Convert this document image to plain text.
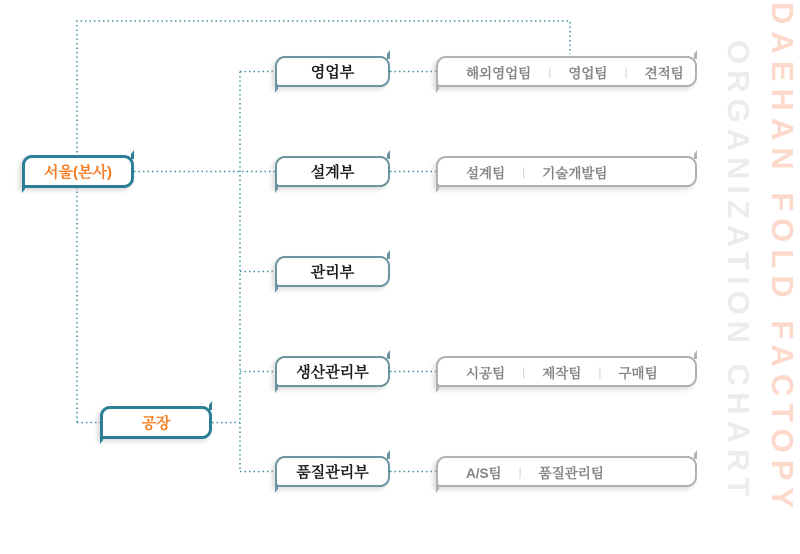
ORGANIZATION CHART DAEHAN FOLD FACTOPY
서울(본사)
공장
영업부
설계부
관리부
생산관리부
품질관리부
해외영업팀 | 영업팀 | 견적팀
설계팀 | 기술개발팀
시공팀 | 제작팀 | 구매팀
A/S팀 | 품질관리팀
